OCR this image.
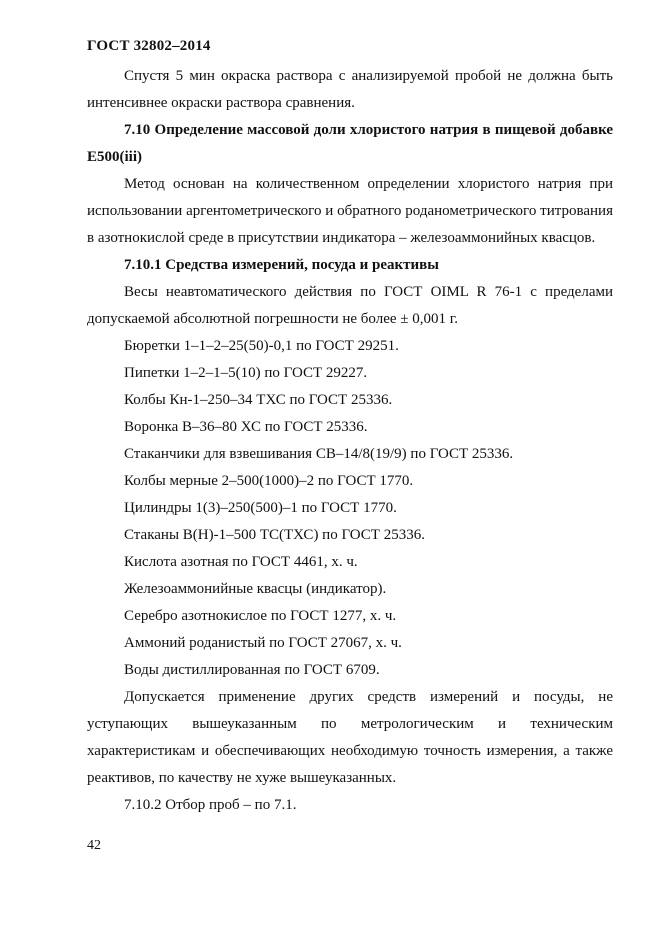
ГОСТ 32802–2014

Спустя 5 мин окраска раствора с анализируемой пробой не должна быть интенсивнее окраски раствора сравнения.

7.10 Определение массовой доли хлористого натрия в пищевой добавке Е500(iii)

Метод основан на количественном определении хлористого натрия при использовании аргентометрического и обратного роданометрического титрования в азотнокислой среде в присутствии индикатора – железоаммонийных квасцов.

7.10.1 Средства измерений, посуда и реактивы

Весы неавтоматического действия по ГОСТ OIML R 76-1 с пределами допускаемой абсолютной погрешности не более ± 0,001 г.

Бюретки 1–1–2–25(50)-0,1 по ГОСТ 29251.

Пипетки 1–2–1–5(10) по ГОСТ 29227.

Колбы Кн-1–250–34 ТХС по ГОСТ 25336.

Воронка В–36–80 ХС по ГОСТ 25336.

Стаканчики для взвешивания СВ–14/8(19/9) по ГОСТ 25336.

Колбы мерные 2–500(1000)–2 по ГОСТ 1770.

Цилиндры 1(3)–250(500)–1 по ГОСТ 1770.

Стаканы В(Н)-1–500 ТС(ТХС) по ГОСТ 25336.

Кислота азотная по ГОСТ 4461, х. ч.

Железоаммонийные квасцы (индикатор).

Серебро азотнокислое по ГОСТ 1277, х. ч.

Аммоний роданистый по ГОСТ 27067, х. ч.

Воды дистиллированная по ГОСТ 6709.

Допускается применение других средств измерений и посуды, не уступающих вышеуказанным по метрологическим и техническим характеристикам и обеспечивающих необходимую точность измерения, а также реактивов, по качеству не хуже вышеуказанных.

7.10.2 Отбор проб – по 7.1.

42
